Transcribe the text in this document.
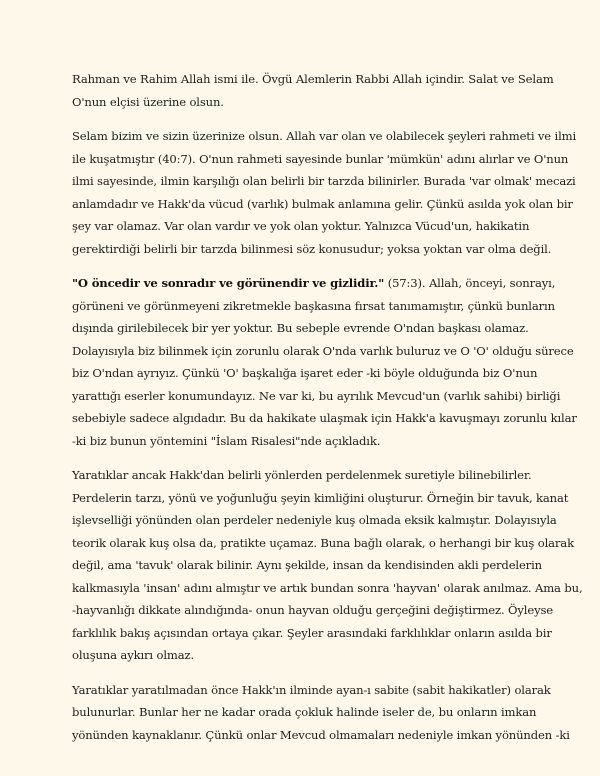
Rahman ve Rahim Allah ismi ile. Övgü Alemlerin Rabbi Allah içindir. Salat ve Selam
O'nun elçisi üzerine olsun.
Selam bizim ve sizin üzerinize olsun. Allah var olan ve olabilecek şeyleri rahmeti ve ilmi
ile kuşatmıştır (40:7). O'nun rahmeti sayesinde bunlar 'mümkün' adını alırlar ve O'nun
ilmi sayesinde, ilmin karşılığı olan belirli bir tarzda bilinirler. Burada 'var olmak' mecazi
anlamdadır ve Hakk'da vücud (varlık) bulmak anlamına gelir. Çünkü asılda yok olan bir
şey var olamaz. Var olan vardır ve yok olan yoktur. Yalnızca Vücud'un, hakikatin
gerektirdiği belirli bir tarzda bilinmesi söz konusudur; yoksa yoktan var olma değil.
"O öncedir ve sonradır ve görünendir ve gizlidir." (57:3). Allah, önceyi, sonrayı,
görüneni ve görünmeyeni zikretmekle başkasına fırsat tanımamıştır, çünkü bunların
dışında girilebilecek bir yer yoktur. Bu sebeple evrende O'ndan başkası olamaz.
Dolayısıyla biz bilinmek için zorunlu olarak O'nda varlık buluruz ve O 'O' olduğu sürece
biz O'ndan ayrıyız. Çünkü 'O' başkalığa işaret eder -ki böyle olduğunda biz O'nun
yarattığı eserler konumundayız. Ne var ki, bu ayrılık Mevcud'un (varlık sahibi) birliği
sebebiyle sadece algıdadır. Bu da hakikate ulaşmak için Hakk'a kavuşmayı zorunlu kılar
-ki biz bunun yöntemini "İslam Risalesi"nde açıkladık.
Yaratıklar ancak Hakk'dan belirli yönlerden perdelenmek suretiyle bilinebilirler.
Perdelerin tarzı, yönü ve yoğunluğu şeyin kimliğini oluşturur. Örneğin bir tavuk, kanat
işlevselliği yönünden olan perdeler nedeniyle kuş olmada eksik kalmıştır. Dolayısıyla
teorik olarak kuş olsa da, pratikte uçamaz. Buna bağlı olarak, o herhangi bir kuş olarak
değil, ama 'tavuk' olarak bilinir. Aynı şekilde, insan da kendisinden akli perdelerin
kalkmasıyla 'insan' adını almıştır ve artık bundan sonra 'hayvan' olarak anılmaz. Ama bu,
-hayvanlığı dikkate alındığında- onun hayvan olduğu gerçeğini değiştirmez. Öyleyse
farklılık bakış açısından ortaya çıkar. Şeyler arasındaki farklılıklar onların asılda bir
oluşuna aykırı olmaz.
Yaratıklar yaratılmadan önce Hakk'ın ilminde ayan-ı sabite (sabit hakikatler) olarak
bulunurlar. Bunlar her ne kadar orada çokluk halinde iseler de, bu onların imkan
yönünden kaynaklanır. Çünkü onlar Mevcud olmamaları nedeniyle imkan yönünden -ki
